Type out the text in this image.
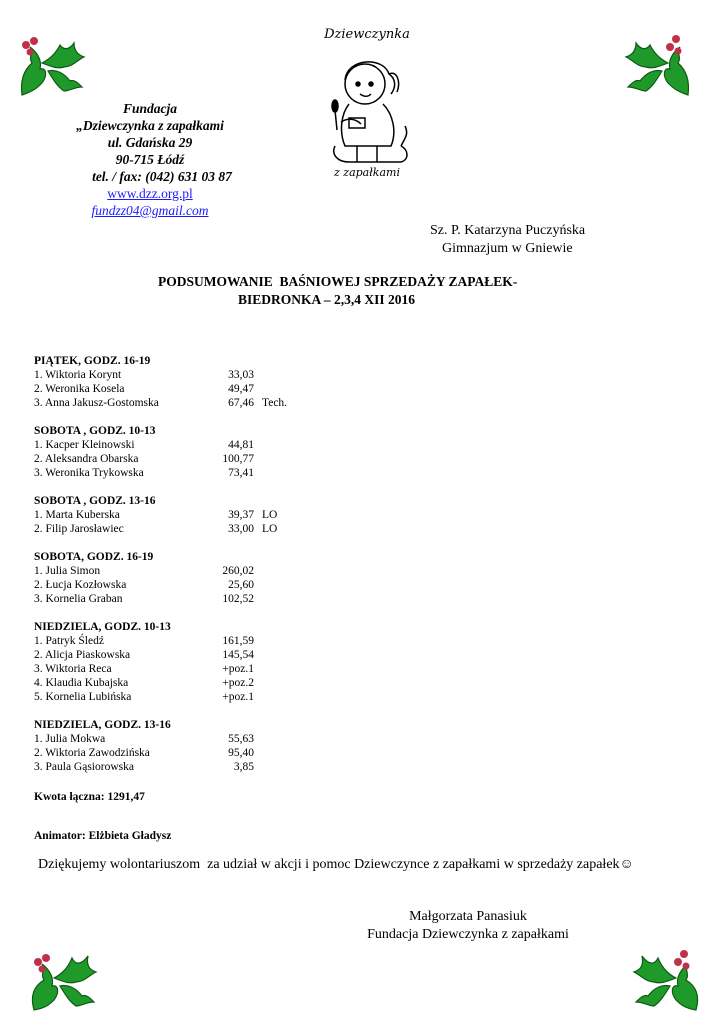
Dziewczynka
z zapałkami
Fundacja
„Dziewczynka z zapałkami
ul. Gdańska 29
90-715 Łódź
tel. / fax: (042) 631 03 87
www.dzz.org.pl
fundzz04@gmail.com
Sz. P. Katarzyna Puczyńska
Gimnazjum w Gniewie
PODSUMOWANIE  BAŚNIOWEJ SPRZEDAŻY ZAPAŁEK-
BIEDRONKA – 2,3,4 XII 2016
PIĄTEK, GODZ. 16-19
1. Wiktoria Korynt	33,03
2. Weronika Kosela	49,47
3. Anna Jakusz-Gostomska	67,46 Tech.
SOBOTA , GODZ. 10-13
1. Kacper Kleinowski	44,81
2. Aleksandra Obarska	100,77
3. Weronika Trykowska	73,41
SOBOTA , GODZ. 13-16
1. Marta Kuberska	39,37 LO
2. Filip Jarosławiec	33,00 LO
SOBOTA, GODZ. 16-19
1. Julia Simon	260,02
2. Łucja Kozłowska	25,60
3. Kornelia Graban	102,52
NIEDZIELA, GODZ. 10-13
1. Patryk Śledź	161,59
2. Alicja Piaskowska	145,54
3. Wiktoria Reca	+poz.1
4. Klaudia Kubajska	+poz.2
5. Kornelia Lubińska	+poz.1
NIEDZIELA, GODZ. 13-16
1. Julia Mokwa	55,63
2. Wiktoria Zawodzińska	95,40
3. Paula Gąsiorowska	3,85
Kwota łączna: 1291,47
Animator: Elżbieta Gładysz
Dziękujemy wolontariuszom  za udział w akcji i pomoc Dziewczynce z zapałkami w sprzedaży zapałek☺
Małgorzata Panasiuk
Fundacja Dziewczynka z zapałkami
